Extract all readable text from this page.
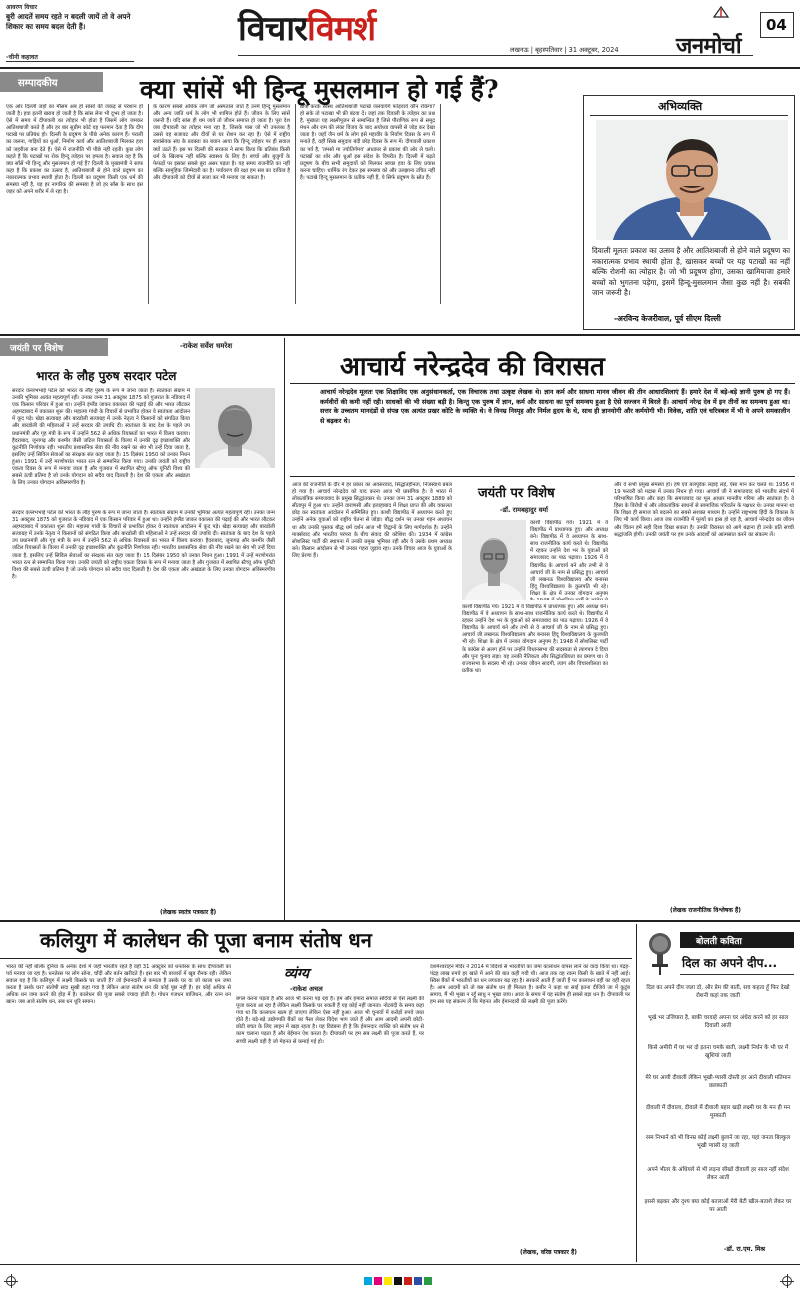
आवरण विचार
बुरी आदतें समय रहते न बदली जायें तो वे अपने शिकार का समय बदल देती हैं।
-चीनी कहावत
विचारविमर्श
लखनऊ | बृहस्पतिवार | 31 अक्टूबर, 2024
04
जनमोर्चा
सम्पादकीय	क्या सांसें भी हिन्दू मुसलमान हो गई हैं?
एक ओर दिल्ली जहाँ का मौसम अब हो सांसों की जकड़ से परेशान हो जाती है। हवा इतनी खराब हो जाती है कि सांस लेना भी दूभर हो जाता है। ऐसे में समय में दीपावली का त्योहार भी होता है जिसमें लोग जमकर आतिशबाजी करते हैं और हर बार सुप्रीम कोर्ट यह फरमान देता है कि दीप पटाखे पर प्रतिबंध हो। दिल्ली के प्रदूषण के पीछे अनेक कारण हैं। पराली का जलना, गाड़ियों का धुआँ, निर्माण कार्य और आतिशबाजी मिलकर हवा को जहरीला बना देते हैं। ऐसे में राजनीति भी पीछे नहीं रहती। कुछ लोग कहते हैं कि पटाखों पर रोक हिन्दू त्योहार पर हमला है। सवाल यह है कि क्या साँसें भी हिन्दू और मुसलमान हो गई हैं? दिल्ली के मुख्यमंत्री ने साफ कहा है कि प्रकाश का उत्सव है, आतिशबाजी से होने वाले प्रदूषण का नकारात्मक प्रभाव स्थायी होता है। दिल्ली का प्रदूषण किसी एक धर्म की समस्या नहीं है, यह हर नागरिक की समस्या है जो हर साँस के साथ इस जहर को अपने शरीर में ले रहा है।
के कारण सबसे अधिक लोग जो अस्पताल जाते हैं उनमें हिन्दू मुसलमान और अन्य जाति धर्म के लोग भी शामिल होते हैं। जीवन के लिए सांसें जरूरी हैं। यदि सांस ही थम जाये तो जीवन समाप्त हो जाता है। पूरा देश जब दीपावली का त्योहार मना रहा है, जिसके पास जो भी उपलब्ध है उससे वह सजावट और दीयों से घर रोशन कर रहा है। ऐसे में राष्ट्रीय स्वयंसेवक संघ के प्रवक्ता का बयान आया कि हिन्दू त्योहार पर ही सवाल क्यों उठते हैं। इस पर दिल्ली की सरकार ने साफ किया कि प्रतिबंध किसी धर्म के खिलाफ नहीं बल्कि स्वास्थ्य के लिए है। बच्चों और बुजुर्गों के फेफड़ों पर इसका सबसे बुरा असर पड़ता है। यह समय राजनीति का नहीं बल्कि सामूहिक जिम्मेदारी का है। पर्यावरण की रक्षा हम सब का दायित्व है और दीपावली को दीयों से सजा कर भी मनाया जा सकता है।
ठीक करके स्वस्थ आतिशबाजी पटाखे जलवायेंगे फोड़वायें कौन रोकेगा? हो सके तो पटाखा भी फ्री बंटवा दें। जहां तक दिवाली के त्योहार का प्रश्न है, मुख्यतः यह लक्ष्मीपूजन से सम्बन्धित है जिसे पौराणिक रूप से समुद्र मंथन और राम की लंका विजय के बाद अयोध्या वापसी से जोड़ कर देखा जाता है। जहाँ जैन धर्म के लोग इसे महावीर के निर्वाण दिवस के रूप में मनाते हैं, वहीं सिख समुदाय बंदी छोड़ दिवस के रूप में। दीपावली प्रकाश का पर्व है, 'तमसो मा ज्योतिर्गमय' अंधकार से प्रकाश की ओर ले चलो। पटाखों का शोर और धुआँ इस संदेश के विपरीत है। दिल्ली में बढ़ते प्रदूषण के बीच सभी समुदायों को मिलकर स्वच्छ हवा के लिए प्रयास करना चाहिए। धार्मिक रंग देकर इस समस्या को और उलझाना उचित नहीं है। पटाखे हिन्दू मुसलमान के प्रतीक नहीं हैं, ये सिर्फ प्रदूषण के स्रोत हैं।
अभिव्यक्ति
दिवाली मूलतः प्रकाश का उत्सव है और आतिशबाजी से होने वाले प्रदूषण का नकारात्मक प्रभाव स्थायी होता है, खासकर बच्चों पर यह पटाखों का नहीं बल्कि रोशनी का त्योहार है। जो भी प्रदूषण होगा, उसका खामियाजा हमारे बच्चों को भुगतना पड़ेगा, इसमें हिन्दू-मुसलमान जैसा कुछ नहीं है। सबकी जान जरूरी है।
-अरविन्द केजरीवाल, पूर्व सीएम दिल्ली
जयंती पर विशेष	-राकेश सर्वेश धमरेश
भारत के लौह पुरुष सरदार पटेल
सरदार वल्लभभाई पटेल को भारत के लौह पुरुष के रूप में जाना जाता है। स्वतंत्रता संग्राम में उनकी भूमिका अत्यंत महत्वपूर्ण रही। उनका जन्म 31 अक्टूबर 1875 को गुजरात के नडियाद में एक किसान परिवार में हुआ था। उन्होंने इंग्लैंड जाकर वकालत की पढ़ाई की और भारत लौटकर अहमदाबाद में वकालत शुरू की। महात्मा गांधी के विचारों से प्रभावित होकर वे स्वतंत्रता आंदोलन में कूद पड़े। खेड़ा सत्याग्रह और बारडोली सत्याग्रह में उनके नेतृत्व ने किसानों को संगठित किया और बारडोली की महिलाओं ने उन्हें सरदार की उपाधि दी। स्वतंत्रता के बाद देश के पहले उप प्रधानमंत्री और गृह मंत्री के रूप में उन्होंने 562 से अधिक रियासतों का भारत में विलय कराया। हैदराबाद, जूनागढ़ और कश्मीर जैसी जटिल रियासतों के विलय में उनकी दृढ़ इच्छाशक्ति और कूटनीति निर्णायक रही। भारतीय प्रशासनिक सेवा की नींव रखने का श्रेय भी उन्हें दिया जाता है, इसलिए उन्हें सिविल सेवाओं का संरक्षक संत कहा जाता है। 15 दिसंबर 1950 को उनका निधन हुआ। 1991 में उन्हें मरणोपरांत भारत रत्न से सम्मानित किया गया। उनकी जयंती को राष्ट्रीय एकता दिवस के रूप में मनाया जाता है और गुजरात में स्थापित स्टैच्यू ऑफ यूनिटी विश्व की सबसे ऊंची प्रतिमा है जो उनके योगदान को सदैव याद दिलाती है। देश की एकता और अखंडता के लिए उनका योगदान अविस्मरणीय है।
सरदार वल्लभभाई पटेल को भारत के लौह पुरुष के रूप में जाना जाता है। स्वतंत्रता संग्राम में उनकी भूमिका अत्यंत महत्वपूर्ण रही। उनका जन्म 31 अक्टूबर 1875 को गुजरात के नडियाद में एक किसान परिवार में हुआ था। उन्होंने इंग्लैंड जाकर वकालत की पढ़ाई की और भारत लौटकर अहमदाबाद में वकालत शुरू की। महात्मा गांधी के विचारों से प्रभावित होकर वे स्वतंत्रता आंदोलन में कूद पड़े। खेड़ा सत्याग्रह और बारडोली सत्याग्रह में उनके नेतृत्व ने किसानों को संगठित किया और बारडोली की महिलाओं ने उन्हें सरदार की उपाधि दी। स्वतंत्रता के बाद देश के पहले उप प्रधानमंत्री और गृह मंत्री के रूप में उन्होंने 562 से अधिक रियासतों का भारत में विलय कराया। हैदराबाद, जूनागढ़ और कश्मीर जैसी जटिल रियासतों के विलय में उनकी दृढ़ इच्छाशक्ति और कूटनीति निर्णायक रही। भारतीय प्रशासनिक सेवा की नींव रखने का श्रेय भी उन्हें दिया जाता है, इसलिए उन्हें सिविल सेवाओं का संरक्षक संत कहा जाता है। 15 दिसंबर 1950 को उनका निधन हुआ। 1991 में उन्हें मरणोपरांत भारत रत्न से सम्मानित किया गया। उनकी जयंती को राष्ट्रीय एकता दिवस के रूप में मनाया जाता है और गुजरात में स्थापित स्टैच्यू ऑफ यूनिटी विश्व की सबसे ऊंची प्रतिमा है जो उनके योगदान को सदैव याद दिलाती है। देश की एकता और अखंडता के लिए उनका योगदान अविस्मरणीय है।
(लेखक स्वतंत्र पत्रकार हैं)
आचार्य नरेन्द्रदेव की विरासत
आचार्य नरेन्द्रदेव मूलतः एक शिक्षाविद एक अनुसंधानकर्ता, एक विचारक तथा उत्कृष्ट लेखक थे। ज्ञान कर्म और साधना मानव जीवन की तीन आधारशिलाएं हैं। हमारे देश में बड़े-बड़े ज्ञानी पुरुष हो गए हैं। कर्मवीरों की कमी नहीं रही। साधकों की भी संख्या बड़ी है। किन्तु एक पुरुष में ज्ञान, कर्म और साधना का पूर्ण समन्वय हुआ है ऐसे सज्जन में बिरले हैं। आचार्य नरेन्द्र देव में इन तीनों का समन्वय हुआ था। सत्तर के उच्चतम मानदंडों से संपन्न एक अत्यंत प्रखर कोटि के व्यक्ति थे। वे विनम्र निस्पृह और निर्मल हृदय के थे, साथ ही ज्ञानयोगी और कर्मयोगी भी। विवेक, शांति एवं चरित्रबल में भी वे अपने समकालीन से बढ़कर थे।
आज की राजनीति के दौर में हर प्रकार का अवसरवाद, सिद्धांतहीनता, निजस्वार्थ प्रबल हो गया है। आचार्य नरेन्द्रदेव को याद करना आज भी प्रासंगिक है। वे भारत में लोकतांत्रिक समाजवाद के प्रमुख सिद्धांतकार थे। उनका जन्म 31 अक्टूबर 1889 को सीतापुर में हुआ था। उन्होंने वाराणसी और इलाहाबाद में शिक्षा प्राप्त की और वकालत छोड़ कर स्वतंत्रता आंदोलन में सम्मिलित हुए। काशी विद्यापीठ में अध्यापन करते हुए उन्होंने अनेक युवाओं को राष्ट्रीय चेतना से जोड़ा। बौद्ध दर्शन पर उनका गहन अध्ययन था और उनकी पुस्तक बौद्ध धर्म दर्शन आज भी विद्वानों के लिए मार्गदर्शक है। उन्होंने मार्क्सवाद और भारतीय परंपरा के बीच संवाद की कोशिश की। 1934 में कांग्रेस सोशलिस्ट पार्टी की स्थापना में उनकी प्रमुख भूमिका रही और वे उसके प्रथम अध्यक्ष बने। किसान आंदोलन से भी उनका गहरा जुड़ाव रहा। उनके विचार आज के युवाओं के लिए प्रेरणा हैं।
जयंती पर विशेष
-डॉ. रामबहादुर वर्मा
काशी विद्यापीठ गये। 1921 में वे विद्यापीठ में प्राध्यापक हुए। और अध्यक्ष बने। विद्यापीठ में वे अध्यापन के साथ-साथ राजनीतिक कार्य करते थे। विद्यापीठ में रहकर उन्होंने देश भर के युवाओं को समाजवाद का पाठ पढ़ाया। 1926 में वे विद्यापीठ के आचार्य बने और तभी से वे आचार्य जी के नाम से प्रसिद्ध हुए। आचार्य जी लखनऊ विश्वविद्यालय और बनारस हिंदू विश्वविद्यालय के कुलपति भी रहे। शिक्षा के क्षेत्र में उनका योगदान अनुपम
काशी विद्यापीठ गये। 1921 में वे विद्यापीठ में प्राध्यापक हुए। और अध्यक्ष बने। विद्यापीठ में वे अध्यापन के साथ-साथ राजनीतिक कार्य करते थे। विद्यापीठ में रहकर उन्होंने देश भर के युवाओं को समाजवाद का पाठ पढ़ाया। 1926 में वे विद्यापीठ के आचार्य बने और तभी से वे आचार्य जी के नाम से प्रसिद्ध हुए। आचार्य जी लखनऊ विश्वविद्यालय और बनारस हिंदू विश्वविद्यालय के कुलपति भी रहे। शिक्षा के क्षेत्र में उनका योगदान अनुपम है। 1948 में सोशलिस्ट पार्टी के कांग्रेस से अलग होने पर उन्होंने विधानसभा की सदस्यता से त्यागपत्र दे दिया और पुनः चुनाव लड़ा। यह उनकी नैतिकता और सिद्धांतप्रियता का प्रमाण था। वे राज्यसभा के सदस्य भी रहे। उनका जीवन सादगी, त्याग और विचारशीलता का प्रतीक था।
और वे सभी प्रमुख समस्या हो। हर्ष एवं बलपूर्वक लड़ाई लड़ें, ऐसा मान कर चलते थे। 1956 में 19 फरवरी को मद्रास में उनका निधन हो गया। आचार्य जी ने समाजवाद को भारतीय संदर्भ में परिभाषित किया और कहा कि समाजवाद का मूल आधार मानवीय गरिमा और स्वतंत्रता है। वे हिंसा के विरोधी थे और लोकतांत्रिक साधनों से सामाजिक परिवर्तन के पक्षधर थे। उनका मानना था कि शिक्षा ही समाज को बदलने का सबसे सशक्त माध्यम है। उन्होंने राष्ट्रभाषा हिंदी के विकास के लिए भी कार्य किया। आज जब राजनीति में मूल्यों का ह्रास हो रहा है, आचार्य नरेन्द्रदेव का जीवन और चिंतन हमें सही दिशा दिखा सकता है। उनकी विरासत को आगे बढ़ाना ही उनके प्रति सच्ची श्रद्धांजलि होगी। उनकी जयंती पर हम उनके आदर्शों को आत्मसात करने का संकल्प लें।
(लेखक राजनीतिक विश्लेषक हैं)
कलियुग में कालेधन की पूजा बनाम संतोष धन
भारत की नहीं बल्कि दुनिया के अनेक देशों में जहाँ भारतीय रहते हैं वहाँ 31 अक्टूबर को धनतेरस के साथ दीपावली का पर्व मनाया जा रहा है। धनतेरस पर लोग सोना, चाँदी और बर्तन खरीदते हैं। इस बार भी बाजारों में खूब रौनक रही। लेकिन सवाल यह है कि कलियुग में लक्ष्मी किसके घर जाती हैं? जो ईमानदारी से कमाता है उसके घर या जो काला धन जमा करता है उसके घर? संतोषी सदा सुखी कहा गया है लेकिन आज संतोष धन की कोई पूछ नहीं है। हर कोई अधिक से अधिक धन जमा करने की होड़ में है। कालेधन की पूजा सबसे ज्यादा होती है। गोधन गजधन बाजिधन, और रतन धन खान। जब आवे संतोष धन, सब धन धूरि समान।
व्यंग्य
-राकेश अचल
बगल करना पड़ता है और आज भी करना पड़ रहा है। हम और हमारा समाज सदियों से ऐसे लक्ष्मी की पूजा करता आ रहा है लेकिन लक्ष्मी किसके घर रुकती हैं यह कोई नहीं जानता। नोटबंदी के समय कहा गया था कि कालाधन खत्म हो जाएगा लेकिन ऐसा नहीं हुआ। आज भी चुनावों में करोड़ों रुपये जब्त होते हैं। बड़े-बड़े उद्योगपति बैंकों का पैसा लेकर विदेश भाग जाते हैं और आम आदमी अपनी छोटी-छोटी बचत के लिए लाइन में खड़ा रहता है। यह विडंबना ही है कि ईमानदार व्यक्ति को संतोष धन से काम चलाना पड़ता है और बेईमान ऐश करता है। दीपावली पर हम सब लक्ष्मी की पूजा करते हैं, पर सच्ची लक्ष्मी वही है जो मेहनत से कमाई गई हो।
दशमेश्वराहन मंदिर ने 2014 में विदेशों से भारतीयों का जमा कालाधन वापस लाने का वादा किया था। पंद्रह-पंद्रह लाख रुपये हर खाते में आने की बात कही गयी थी। आज तक वह रकम किसी के खाते में नहीं आई। स्विस बैंकों में भारतीयों का धन लगातार बढ़ रहा है। सरकारें आती हैं जाती हैं पर कालाधन वहीं का वहीं रहता है। आम आदमी को तो बस संतोष धन ही मिलता है। कबीर ने कहा था साईं इतना दीजिये जा में कुटुंब समाय, मैं भी भूखा न रहूँ साधु न भूखा जाय। आज के समय में यह संतोष ही सबसे बड़ा धन है। दीपावली पर हम सब यह संकल्प लें कि मेहनत और ईमानदारी की लक्ष्मी की पूजा करेंगे।
(लेखक, वरिष्ठ पत्रकार हैं)
बोलती कविता
दिल का अपने दीप...
दिल का अपने दीप जला दो, और प्रेम की बाती, सच कहता हूँ फिर देखो रोशनी कहां तक जाती
भूखे भर उजियारा है, बाकी चरवाहे अपना घर अंधेरा करने को हर साल दिवाली आती
किसे अमीरी में घर भर दो इतना चमके बाती, लक्ष्मी निर्धन के भी घर में खुशियां लाती
मेरे घर आयी दीवाली लेकिन भूखी-प्यासी दोस्ती हर आने दीवाली मतिमान छलकाती
दीवाली में दीवाला, दीवाले में दीवाली बहार खड़ी लक्ष्मी घर के मन ही मन मुस्काती
रस्म निभाने को भी विनम्र कोई लक्ष्मी बुलाने जा रहा, यहां जनता बिल्कुल भूखी प्यासी रह जाती
अपने भीतर के अंधियारे से भी लड़ना सीखो दीवाली हर साल नहीं संदेश लेकर आती
इससे बढ़कर और दृश्य क्या कोई बतलाओ मेरी बेटी खील-बताशे लेकर घर पर आती
-डॉ. रा.एम. मिश्र
